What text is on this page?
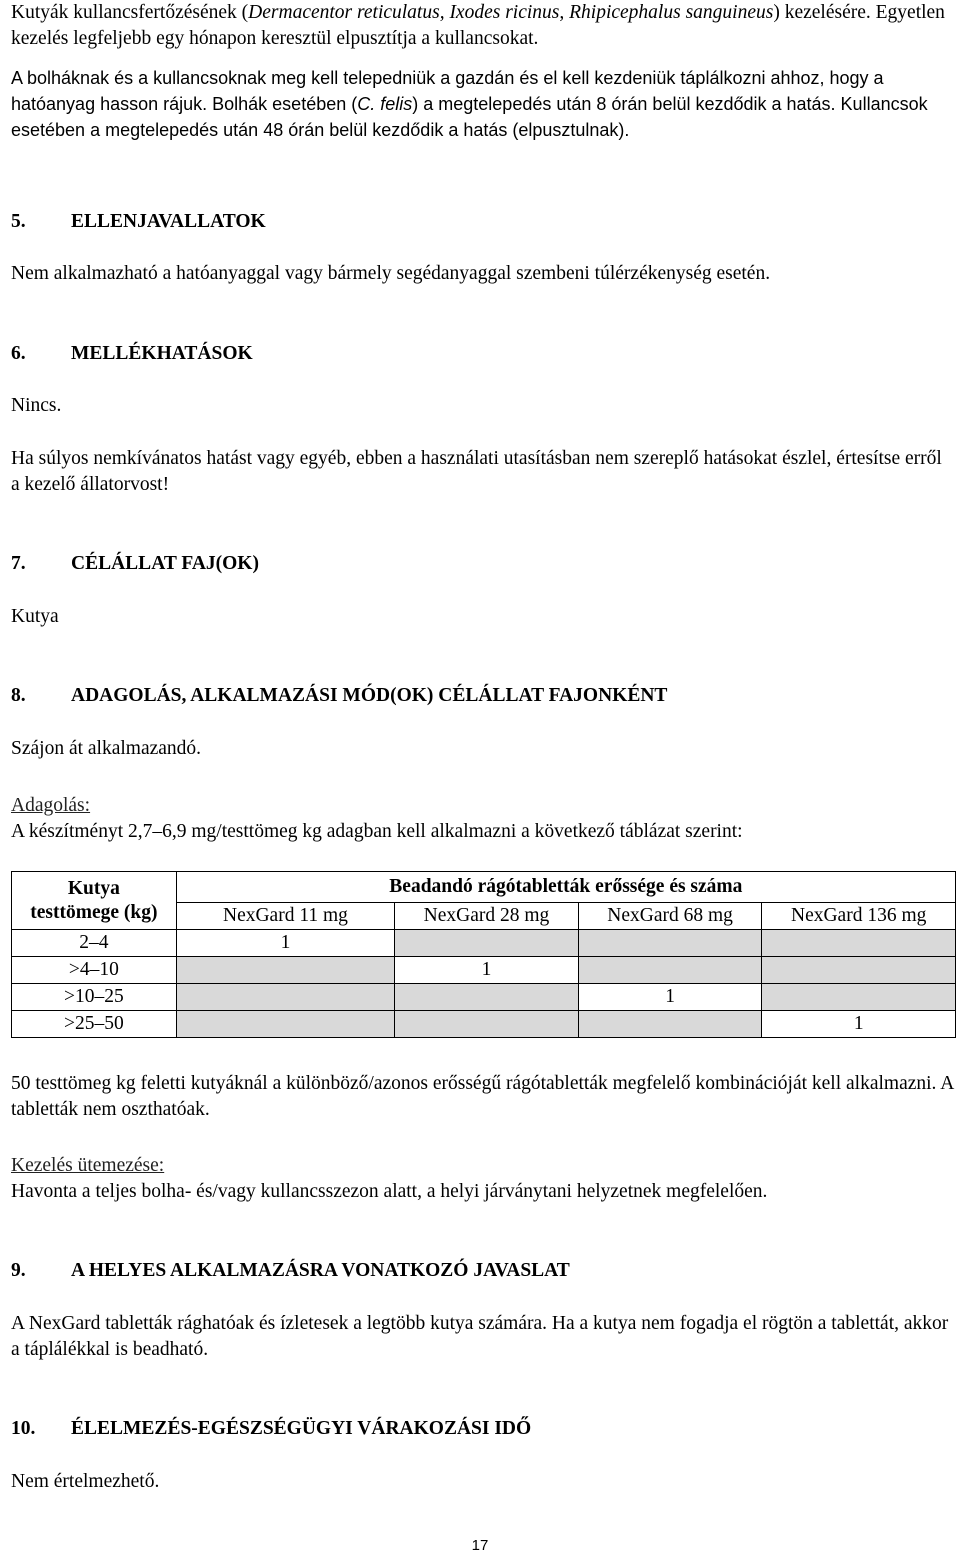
Kutyák kullancsfertőzésének (Dermacentor reticulatus, Ixodes ricinus, Rhipicephalus sanguineus) kezelésére. Egyetlen kezelés legfeljebb egy hónapon keresztül elpusztítja a kullancsokat.

A bolháknak és a kullancsoknak meg kell telepedniük a gazdán és el kell kezdeniük táplálkozni ahhoz, hogy a hatóanyag hasson rájuk. Bolhák esetében (C. felis) a megtelepedés után 8 órán belül kezdődik a hatás. Kullancsok esetében a megtelepedés után 48 órán belül kezdődik a hatás (elpusztulnak).

5. ELLENJAVALLATOK

Nem alkalmazható a hatóanyaggal vagy bármely segédanyaggal szembeni túlérzékenység esetén.

6. MELLÉKHATÁSOK

Nincs.

Ha súlyos nemkívánatos hatást vagy egyéb, ebben a használati utasításban nem szereplő hatásokat észlel, értesítse erről a kezelő állatorvost!

7. CÉLÁLLAT FAJ(OK)

Kutya

8. ADAGOLÁS, ALKALMAZÁSI MÓD(OK) CÉLÁLLAT FAJONKÉNT

Szájon át alkalmazandó.

Adagolás:

A készítményt 2,7–6,9 mg/testtömeg kg adagban kell alkalmazni a következő táblázat szerint:

Kutya
testtömege (kg)	Beadandó rágótabletták erőssége és száma			
	NexGard 11 mg	NexGard 28 mg	NexGard 68 mg	NexGard 136 mg
2–4	1			
>4–10		1		
>10–25			1	
>25–50				1

50 testtömeg kg feletti kutyáknál a különböző/azonos erősségű rágótabletták megfelelő kombinációját kell alkalmazni. A tabletták nem oszthatóak.

Kezelés ütemezése:

Havonta a teljes bolha- és/vagy kullancsszezon alatt, a helyi járványtani helyzetnek megfelelően.

9. A HELYES ALKALMAZÁSRA VONATKOZÓ JAVASLAT

A NexGard tabletták rághatóak és ízletesek a legtöbb kutya számára. Ha a kutya nem fogadja el rögtön a tablettát, akkor a táplálékkal is beadható.

10. ÉLELMEZÉS-EGÉSZSÉGÜGYI VÁRAKOZÁSI IDŐ

Nem értelmezhető.

17
